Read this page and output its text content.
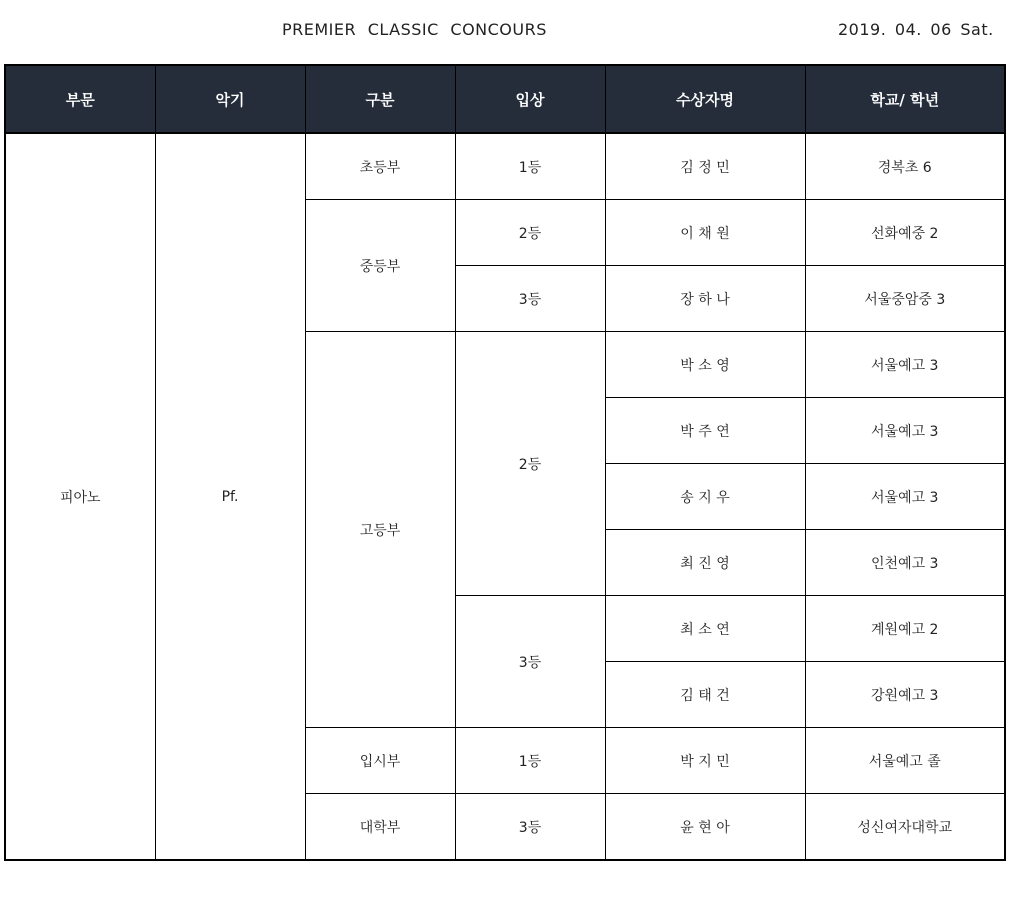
PREMIER CLASSIC CONCOURS	2019. 04. 06 Sat.
부문	악기	구분	입상	수상자명	학교/ 학년
피아노	Pf.	초등부	1등	김 정 민	경복초 6
		중등부	2등	이 채 원	선화예중 2
			3등	장 하 나	서울중암중 3
		고등부	2등	박 소 영	서울예고 3
				박 주 연	서울예고 3
				송 지 우	서울예고 3
				최 진 영	인천예고 3
			3등	최 소 연	계원예고 2
				김 태 건	강원예고 3
		입시부	1등	박 지 민	서울예고 졸
		대학부	3등	윤 현 아	성신여자대학교
